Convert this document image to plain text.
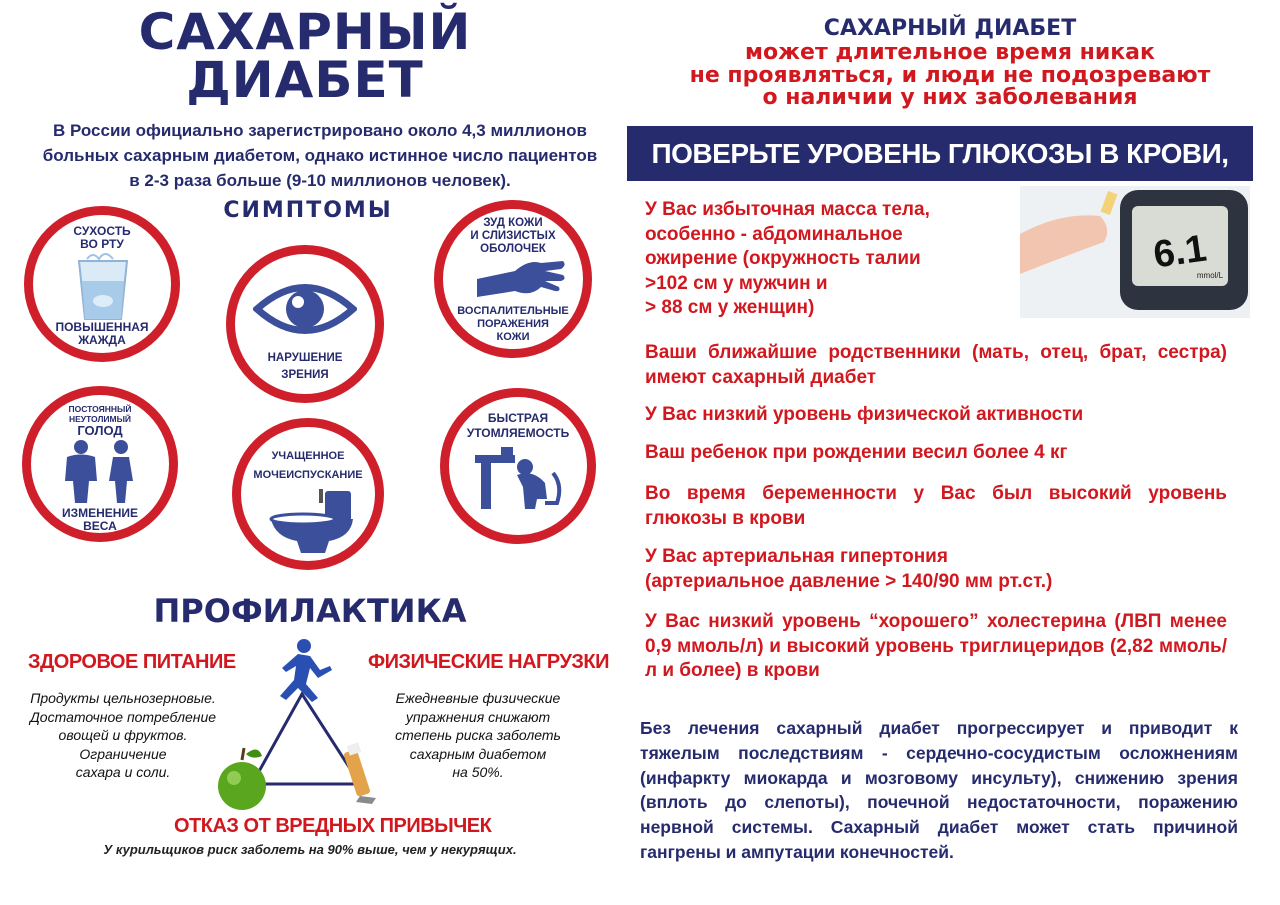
САХАРНЫЙ
ДИАБЕТ
В России официально зарегистрировано около 4,3 миллионов
больных сахарным диабетом, однако истинное число пациентов
в 2-3 раза больше (9-10 миллионов человек).
СИМПТОМЫ
СУХОСТЬ
ВО РТУ
ПОВЫШЕННАЯ
ЖАЖДА
НАРУШЕНИЕ
ЗРЕНИЯ
ЗУД КОЖИ
И СЛИЗИСТЫХ
ОБОЛОЧЕК
ВОСПАЛИТЕЛЬНЫЕ
ПОРАЖЕНИЯ
КОЖИ
ПОСТОЯННЫЙ
НЕУТОЛИМЫЙ
ГОЛОД
ИЗМЕНЕНИЕ
ВЕСА
УЧАЩЕННОЕ
МОЧЕИСПУСКАНИЕ
БЫСТРАЯ
УТОМЛЯЕМОСТЬ
ПРОФИЛАКТИКА
ЗДОРОВОЕ ПИТАНИЕ
Продукты цельнозерновые.
Достаточное потребление
овощей и фруктов.
Ограничение
сахара и соли.
ФИЗИЧЕСКИЕ НАГРУЗКИ
Ежедневные физические
упражнения снижают
степень риска заболеть
сахарным диабетом
на 50%.
ОТКАЗ ОТ ВРЕДНЫХ ПРИВЫЧЕК
У курильщиков риск заболеть на 90% выше, чем у некурящих.
САХАРНЫЙ ДИАБЕТ
может длительное время никак
не проявляться, и люди не подозревают
о наличии у них заболевания
ПОВЕРЬТЕ УРОВЕНЬ ГЛЮКОЗЫ В КРОВИ, ЕСЛИ:
6.1
mmol/L
У Вас избыточная масса тела,
особенно - абдоминальное
ожирение (окружность талии
>102 см у мужчин и
> 88 см у женщин)
Ваши ближайшие родственники (мать, отец, брат, сестра) имеют сахарный диабет
У Вас низкий уровень физической активности
Ваш ребенок при рождении весил более 4 кг
Во время беременности у Вас был высокий уровень глюкозы в крови
У Вас артериальная гипертония
(артериальное давление > 140/90 мм рт.ст.)
У Вас низкий уровень “хорошего” холестерина (ЛВП менее 0,9 ммоль/л) и высокий уровень триглицеридов (2,82 ммоль/л и более) в крови
Без лечения сахарный диабет прогрессирует и приводит к тяжелым последствиям - сердечно-сосудистым осложнениям (инфаркту миокарда и мозговому инсульту), снижению зрения (вплоть до слепоты), почечной недостаточности, поражению нервной системы. Сахарный диабет может стать причиной гангрены и ампутации конечностей.
